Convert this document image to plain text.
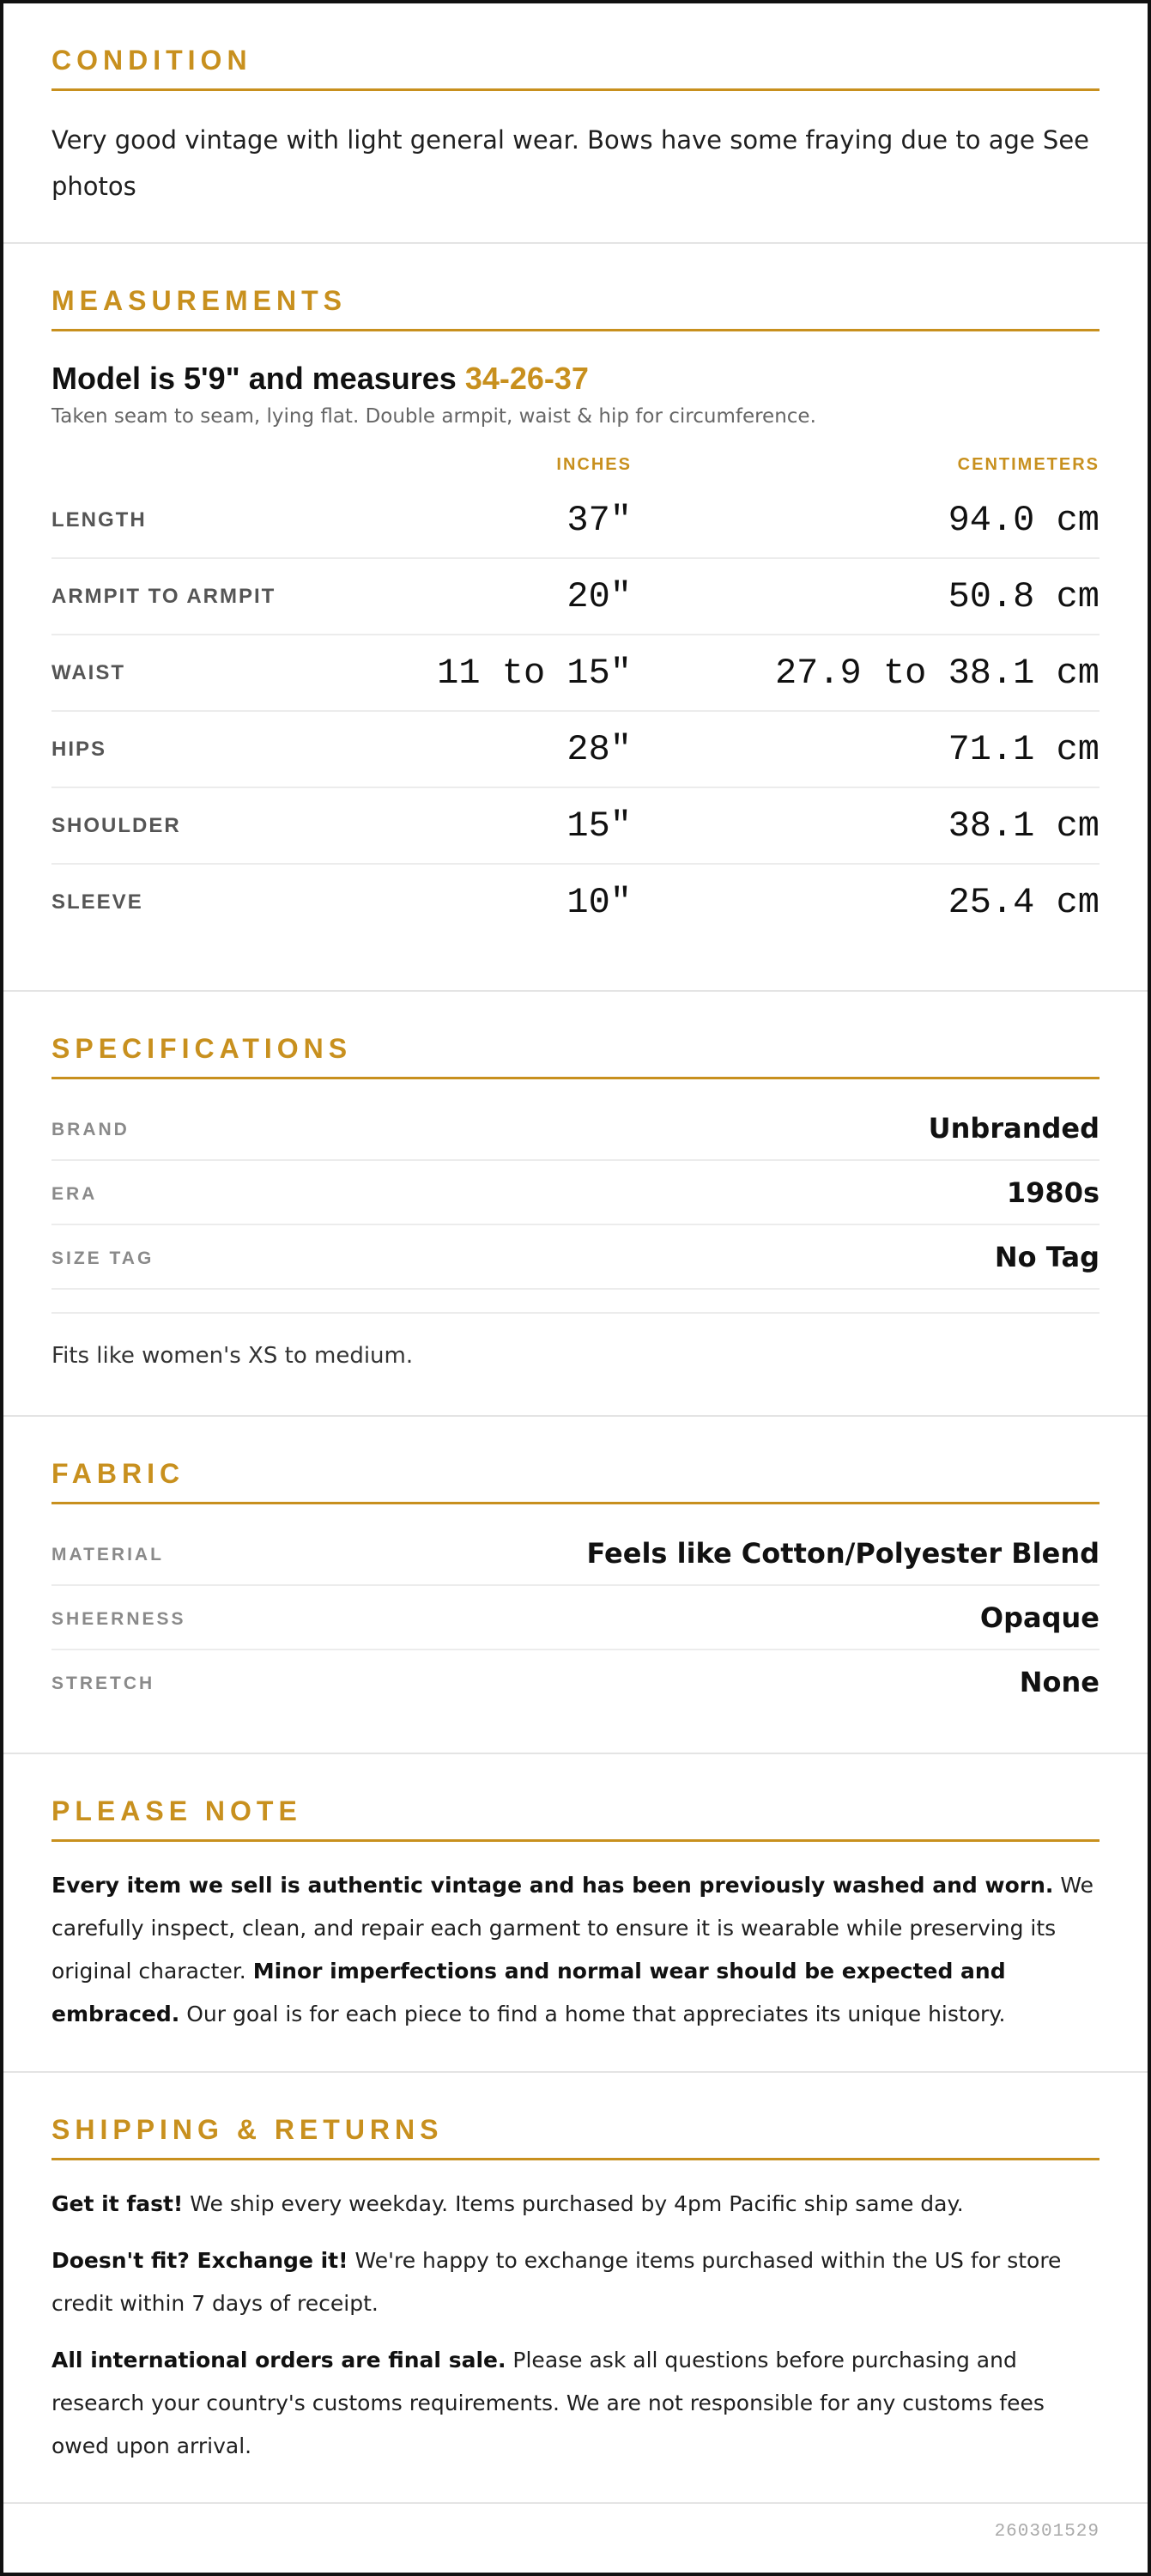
CONDITION

Very good vintage with light general wear. Bows have some fraying due to age See photos

MEASUREMENTS
Model is 5'9" and measures 34-26-37

Taken seam to seam, lying flat. Double armpit, waist & hip for circumference.

INCHES	CENTIMETERS
LENGTH	37"	94.0 cm
ARMPIT TO ARMPIT	20"	50.8 cm
WAIST	11 to 15"	27.9 to 38.1 cm
HIPS	28"	71.1 cm
SHOULDER	15"	38.1 cm
SLEEVE	10"	25.4 cm
SPECIFICATIONS
BRAND	Unbranded
ERA	1980s
SIZE TAG	No Tag

Fits like women's XS to medium.

FABRIC
MATERIAL	Feels like Cotton/Polyester Blend
SHEERNESS	Opaque
STRETCH	None
PLEASE NOTE

Every item we sell is authentic vintage and has been previously washed and worn. We carefully inspect, clean, and repair each garment to ensure it is wearable while preserving its original character. Minor imperfections and normal wear should be expected and embraced. Our goal is for each piece to find a home that appreciates its unique history.

SHIPPING & RETURNS

Get it fast! We ship every weekday. Items purchased by 4pm Pacific ship same day.

Doesn't fit? Exchange it! We're happy to exchange items purchased within the US for store credit within 7 days of receipt.

All international orders are final sale. Please ask all questions before purchasing and research your country's customs requirements. We are not responsible for any customs fees owed upon arrival.

260301529
